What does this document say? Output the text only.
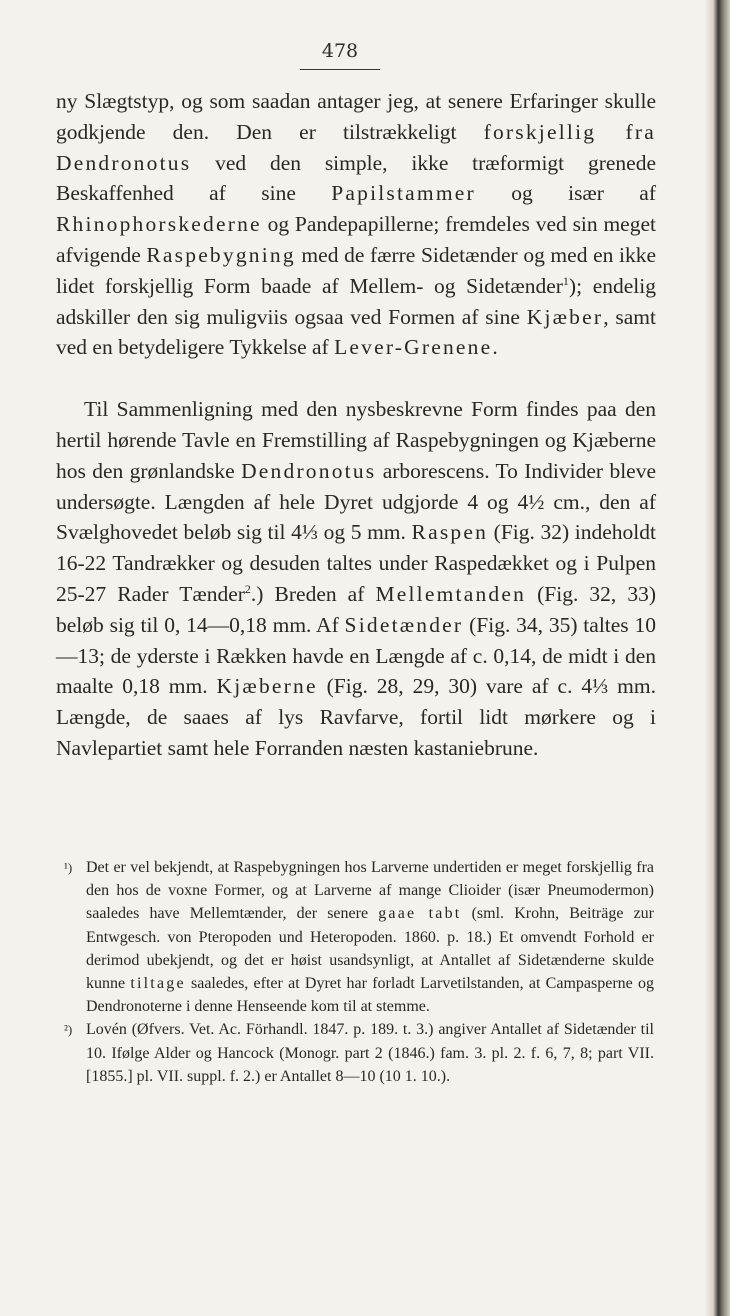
478

ny Slægtstyp, og som saadan antager jeg, at senere Erfaringer skulle godkjende den. Den er tilstrækkeligt forskjellig fra Dendronotus ved den simple, ikke træformigt grenede Beskaffenhed af sine Papilstammer og især af Rhinophorskederne og Pandepapillerne; fremdeles ved sin meget afvigende Raspebygning med de færre Sidetænder og med en ikke lidet forskjellig Form baade af Mellem- og Sidetænder$^1$); endelig adskiller den sig muligviis ogsaa ved Formen af sine Kjæber, samt ved en betydeligere Tykkelse af Lever-Grenene.

Til Sammenligning med den nysbeskrevne Form findes paa den hertil hørende Tavle en Fremstilling af Raspebygningen og Kjæberne hos den grønlandske Dendronotus arborescens. To Individer bleve undersøgte. Længden af hele Dyret udgjorde 4 og 4½ cm., den af Svælghovedet beløb sig til 4⅓ og 5 mm. Raspen (Fig. 32) indeholdt 16-22 Tandrækker og desuden taltes under Raspedækket og i Pulpen 25-27 Rader Tænder$^2$.) Breden af Mellemtanden (Fig. 32, 33) beløb sig til 0, 14—0,18 mm. Af Sidetænder (Fig. 34, 35) taltes 10—13; de yderste i Rækken havde en Længde af c. 0,14, de midt i den maalte 0,18 mm. Kjæberne (Fig. 28, 29, 30) vare af c. 4⅓ mm. Længde, de saaes af lys Ravfarve, fortil lidt mørkere og i Navlepartiet samt hele Forranden næsten kastaniebrune.

¹) Det er vel bekjendt, at Raspebygningen hos Larverne undertiden er meget forskjellig fra den hos de voxne Former, og at Larverne af mange Clioider (især Pneumodermon) saaledes have Mellemtænder, der senere gaae tabt (sml. Krohn, Beiträge zur Entwgesch. von Pteropoden und Heteropoden. 1860. p. 18.) Et omvendt Forhold er derimod ubekjendt, og det er høist usandsynligt, at Antallet af Sidetænderne skulde kunne tiltage saaledes, efter at Dyret har forladt Larvetilstanden, at Campasperne og Dendronoterne i denne Henseende kom til at stemme.
²) Lovén (Øfvers. Vet. Ac. Förhandl. 1847. p. 189. t. 3.) angiver Antallet af Sidetænder til 10. Ifølge Alder og Hancock (Monogr. part 2 (1846.) fam. 3. pl. 2. f. 6, 7, 8; part VII. [1855.] pl. VII. suppl. f. 2.) er Antallet 8—10 (10 1. 10.).
